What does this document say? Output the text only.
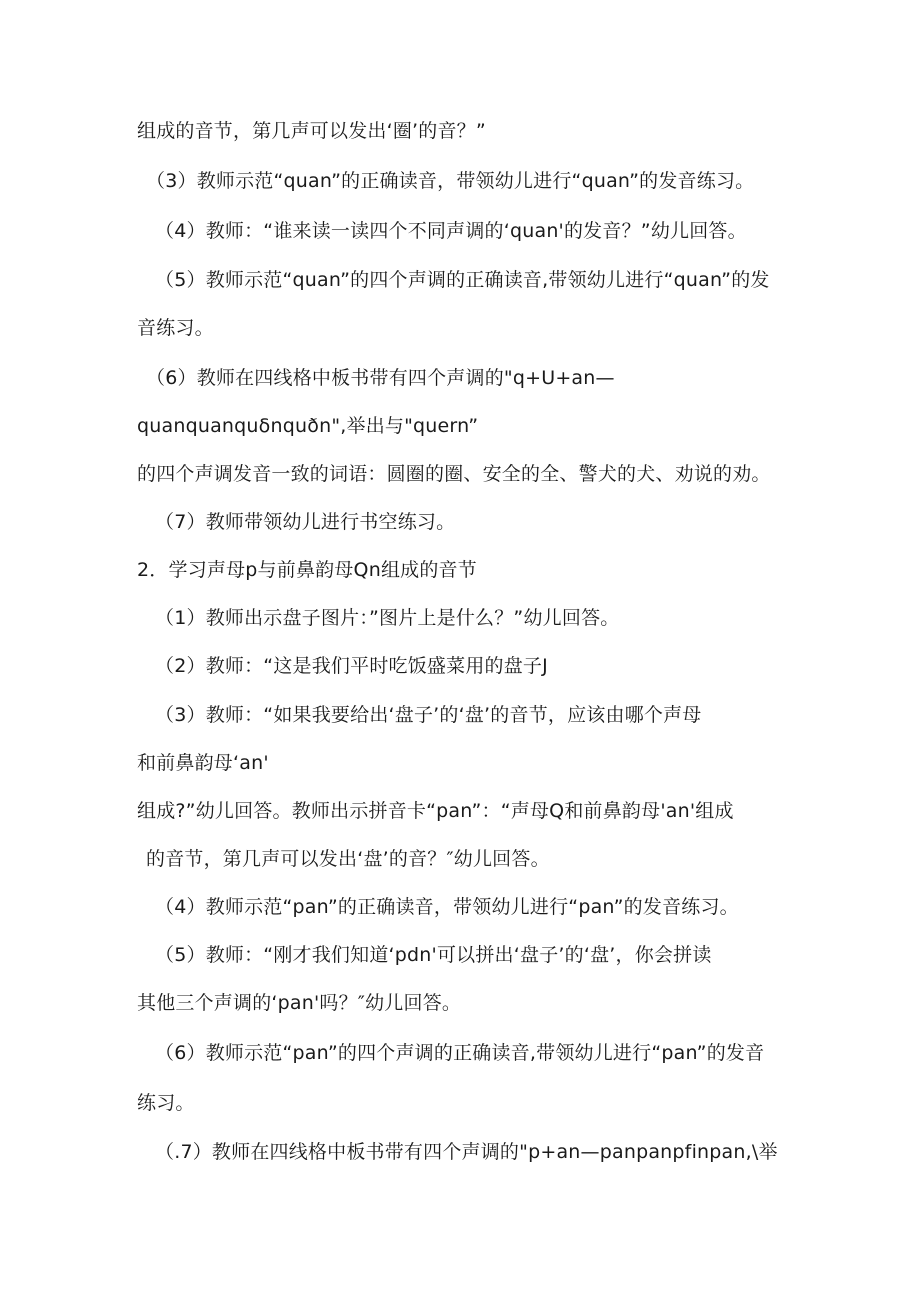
组成的音节，第几声可以发出‘圈’的音？”
（3）教师示范“quan”的正确读音，带领幼儿进行“quan”的发音练习。
（4）教师：“谁来读一读四个不同声调的‘quan'的发音？”幼儿回答。
（5）教师示范“quan”的四个声调的正确读音,带领幼儿进行“quan”的发
音练习。
（6）教师在四线格中板书带有四个声调的"q+U+an—
quanquanquδnquðn",举出与"quern”
的四个声调发音一致的词语：圆圈的圈、安全的全、警犬的犬、劝说的劝。
（7）教师带领幼儿进行书空练习。
2．学习声母p与前鼻韵母Qn组成的音节
（1）教师出示盘子图片：”图片上是什么？”幼儿回答。
（2）教师：“这是我们平时吃饭盛菜用的盘子J
（3）教师：“如果我要给出‘盘子’的‘盘’的音节，应该由哪个声母
和前鼻韵母‘an'
组成?”幼儿回答。教师出示拼音卡“pan”：“声母Q和前鼻韵母'an'组成
的音节，第几声可以发出‘盘’的音？″幼儿回答。
（4）教师示范“pan”的正确读音，带领幼儿进行“pan”的发音练习。
（5）教师：“刚才我们知道‘pdn'可以拼出‘盘子’的‘盘’，你会拼读
其他三个声调的‘pan'吗？″幼儿回答。
（6）教师示范“pan”的四个声调的正确读音,带领幼儿进行“pan”的发音
练习。
（.7）教师在四线格中板书带有四个声调的"p+an—panpanpfinpan,\举
